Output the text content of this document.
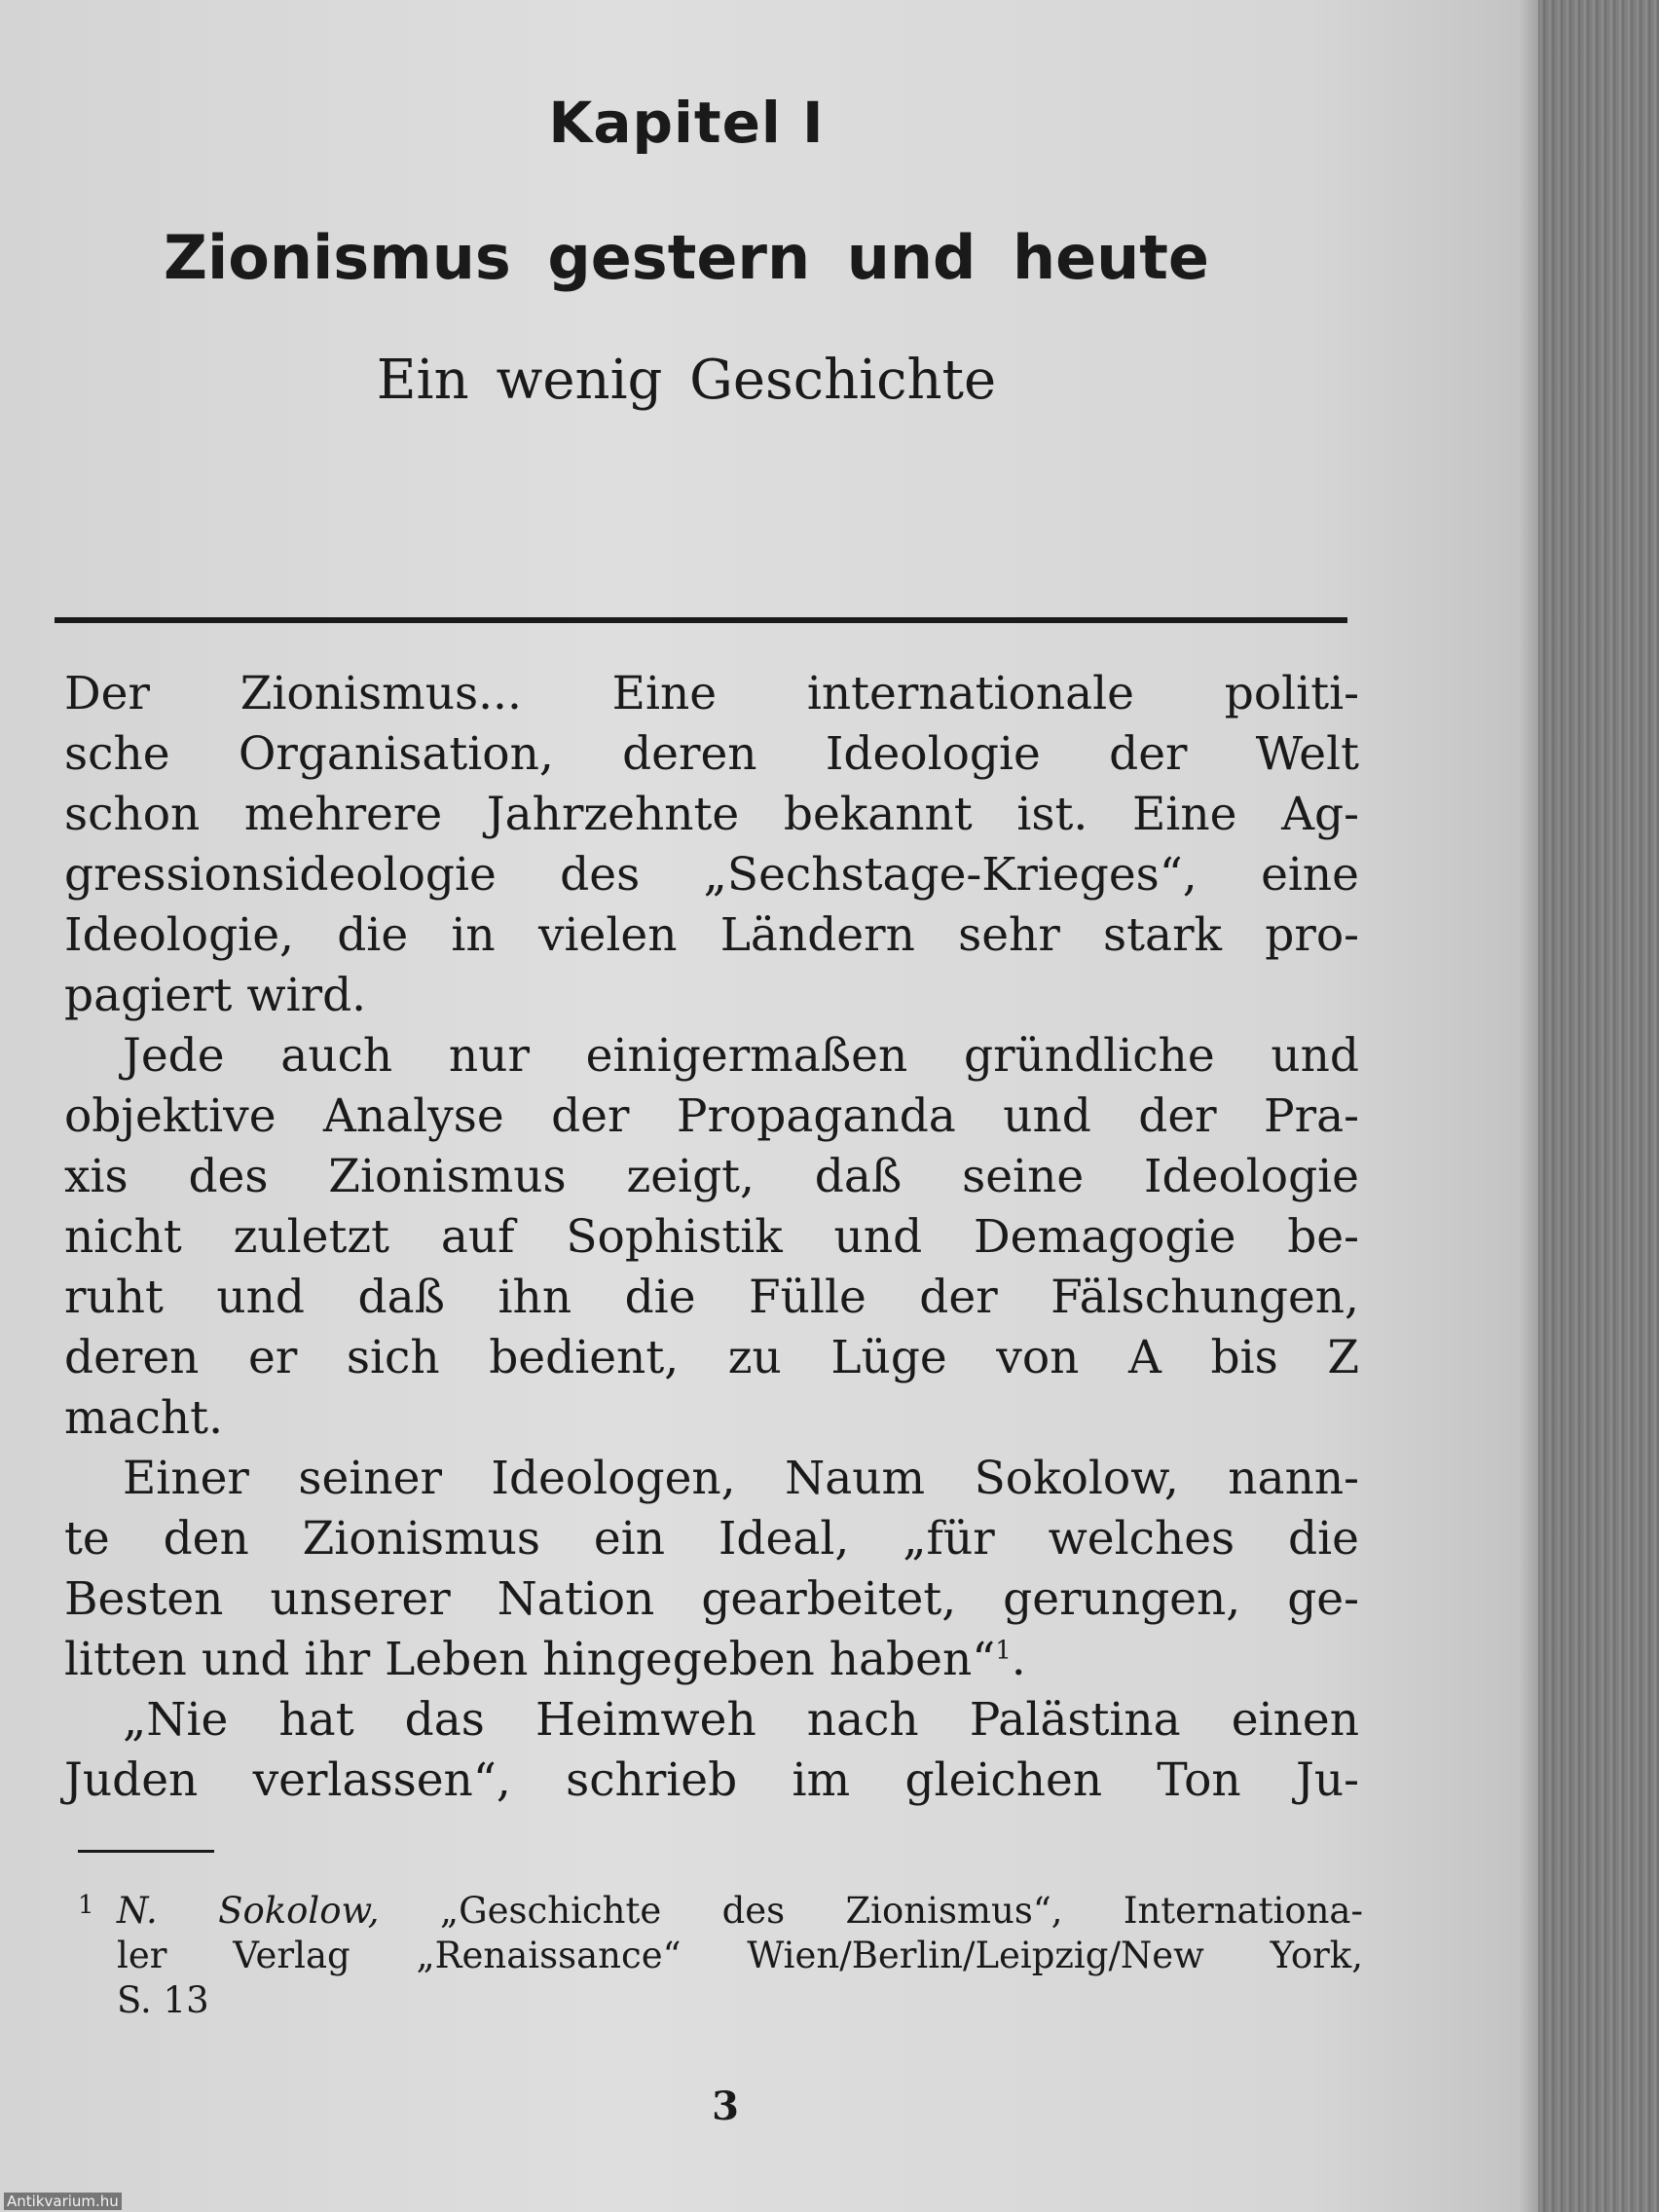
Kapitel I
Zionismus gestern und heute
Ein wenig Geschichte
Der Zionismus... Eine internationale politi-
sche Organisation, deren Ideologie der Welt
schon mehrere Jahrzehnte bekannt ist. Eine Ag-
gressionsideologie des „Sechstage-Krieges“, eine
Ideologie, die in vielen Ländern sehr stark pro-
pagiert wird.
Jede auch nur einigermaßen gründliche und
objektive Analyse der Propaganda und der Pra-
xis des Zionismus zeigt, daß seine Ideologie
nicht zuletzt auf Sophistik und Demagogie be-
ruht und daß ihn die Fülle der Fälschungen,
deren er sich bedient, zu Lüge von A bis Z
macht.
Einer seiner Ideologen, Naum Sokolow, nann-
te den Zionismus ein Ideal, „für welches die
Besten unserer Nation gearbeitet, gerungen, ge-
litten und ihr Leben hingegeben haben“$^1$.
„Nie hat das Heimweh nach Palästina einen
Juden verlassen“, schrieb im gleichen Ton Ju-
1 N. Sokolow, „Geschichte des Zionismus“, Internationa-
ler Verlag „Renaissance“ Wien/Berlin/Leipzig/New York,
S. 13
3
Antikvarium.hu
